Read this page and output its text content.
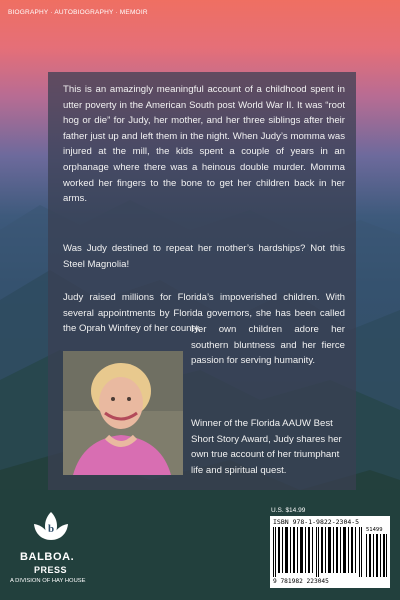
BIOGRAPHY · AUTOBIOGRAPHY · MEMOIR

This is an amazingly meaningful account of a childhood spent in utter poverty in the American South post World War II. It was “root hog or die” for Judy, her mother, and her three siblings after their father just up and left them in the night. When Judy’s momma was injured at the mill, the kids spent a couple of years in an orphanage where there was a heinous double murder. Momma worked her fingers to the bone to get her children back in her arms.

Was Judy destined to repeat her mother’s hardships? Not this Steel Magnolia!

Judy raised millions for Florida’s impoverished children. With several appointments by Florida governors, she has been called the Oprah Winfrey of her county.

Her own children adore her southern bluntness and her fierce passion for serving humanity.

Winner of the Florida AAUW Best Short Story Award, Judy shares her own true account of her triumphant life and spiritual quest.

b
BALBOA.
PRESS
A DIVISION OF HAY HOUSE
U.S. $14.99
ISBN 978-1-9822-2304-5
51499
9 781982 223045
